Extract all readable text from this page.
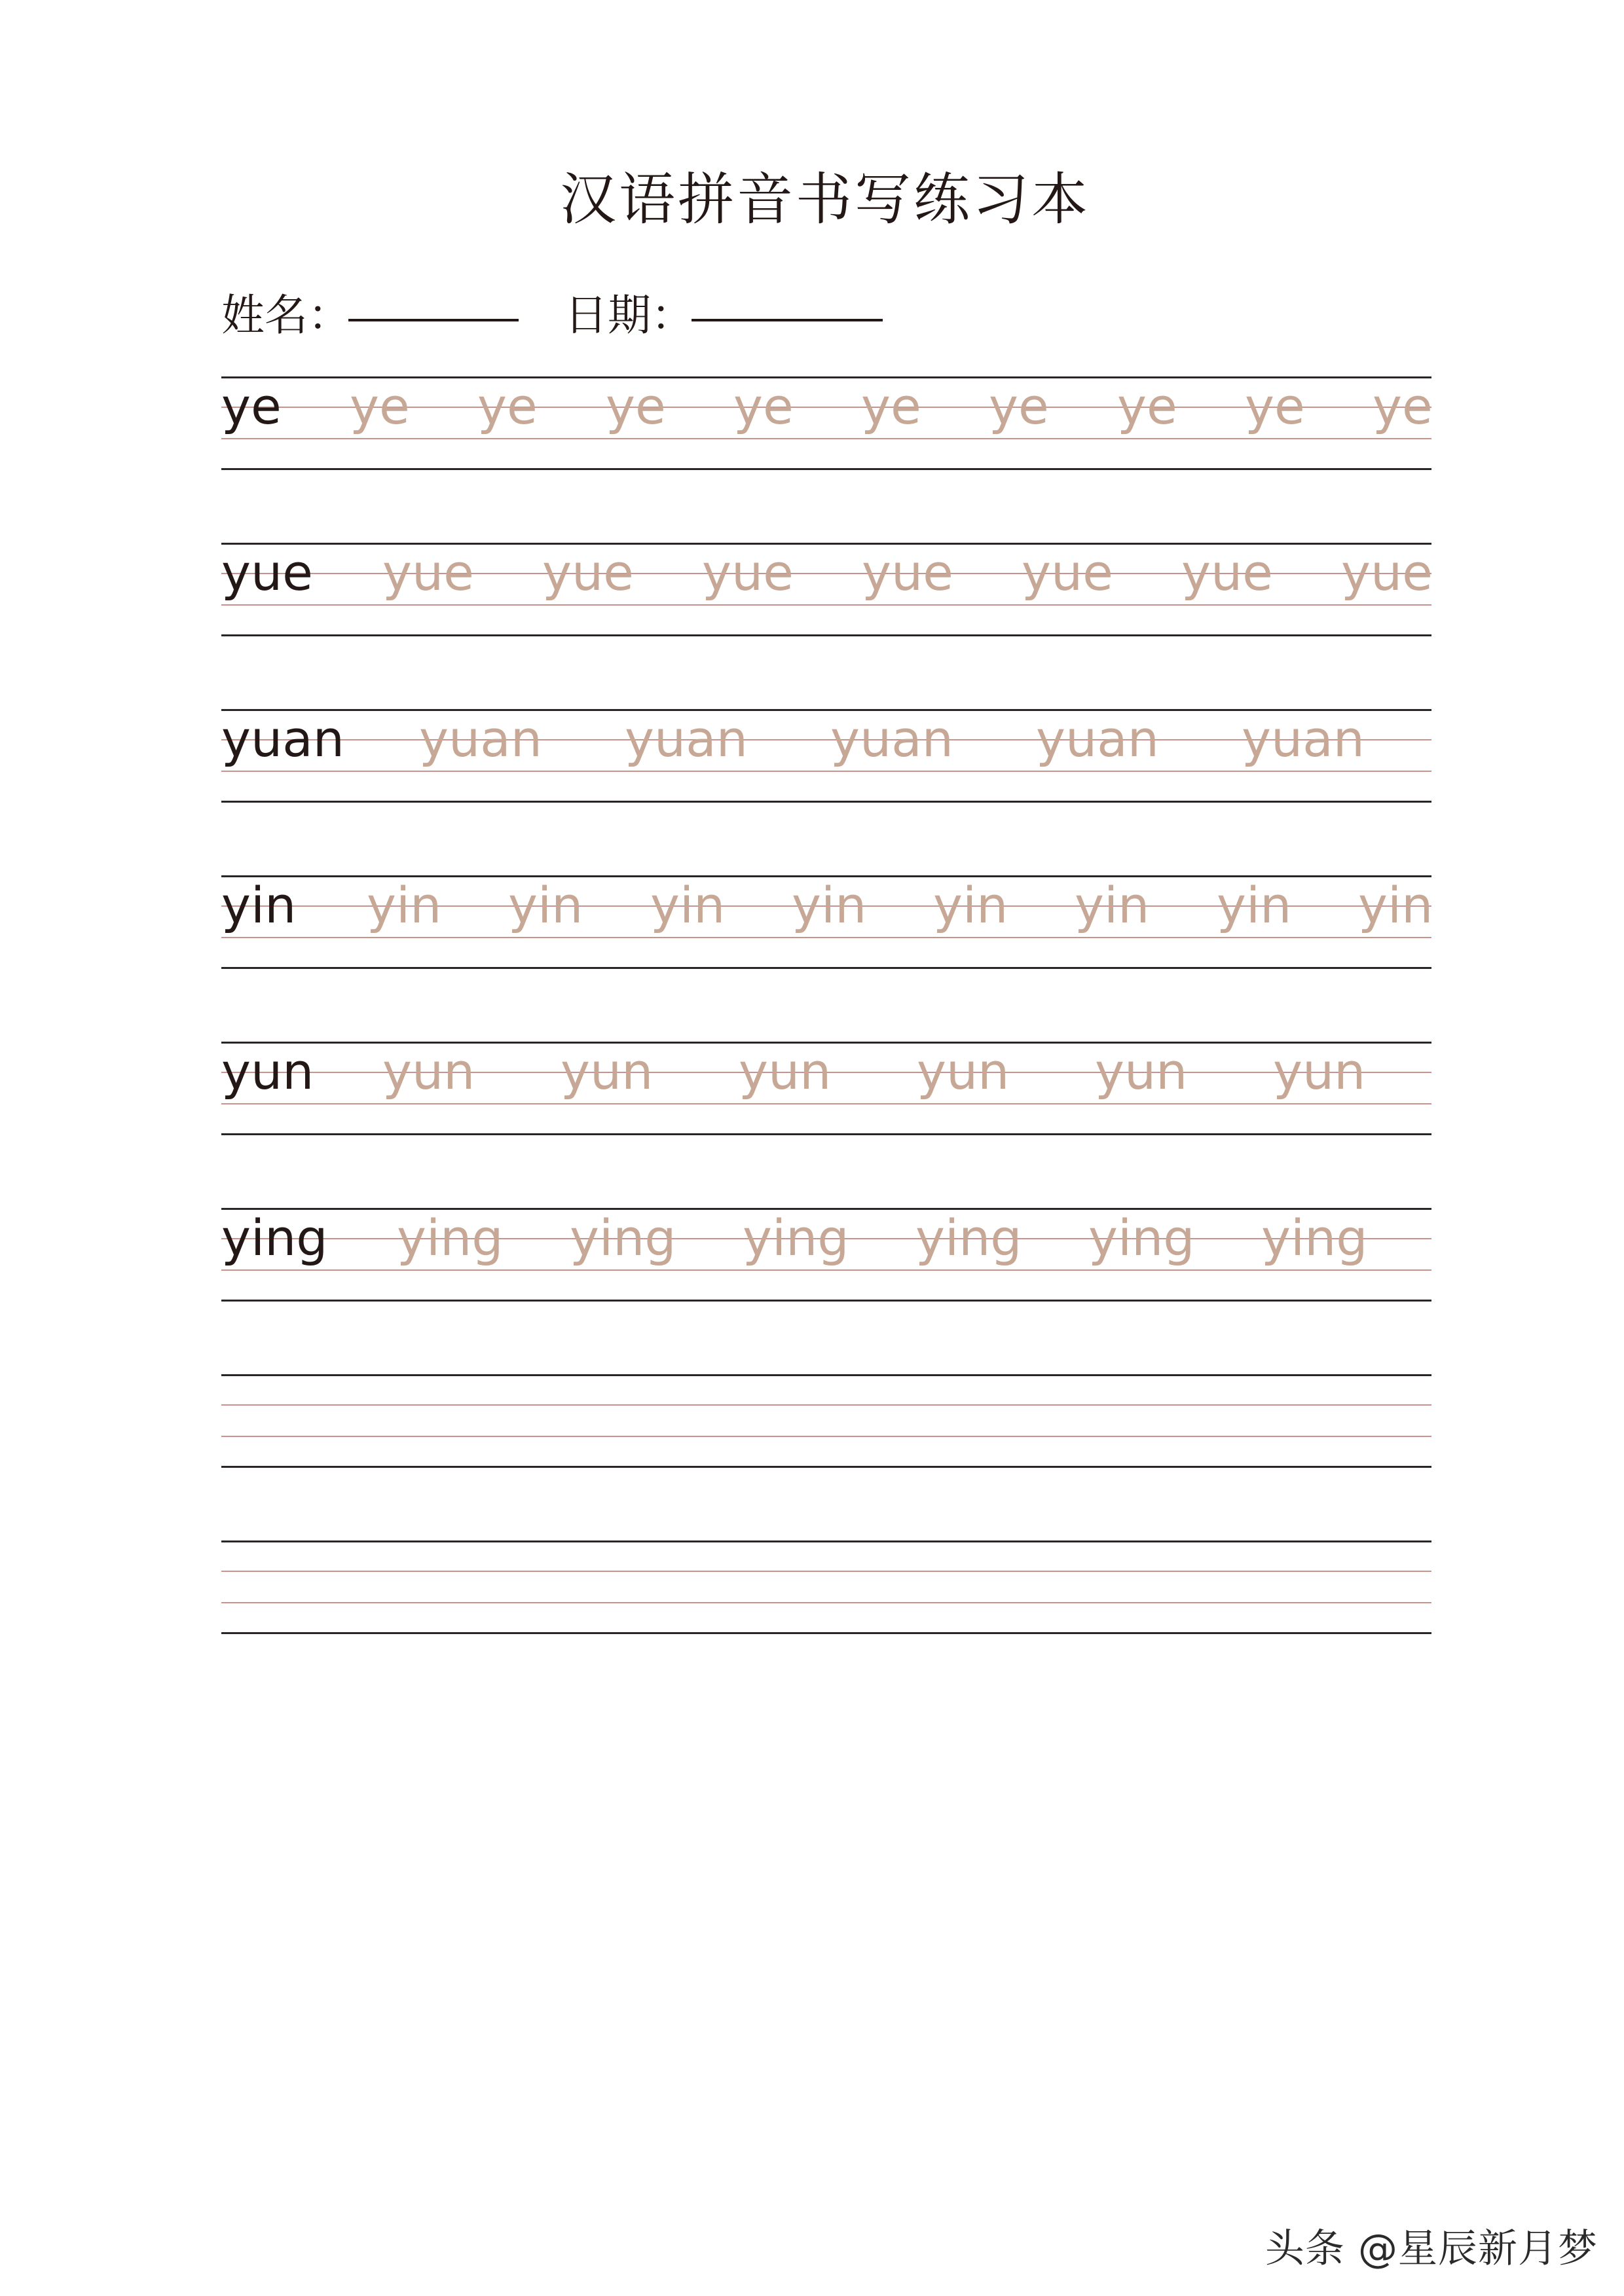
汉语拼音书写练习本
姓名：	日期：
ye ye ye ye ye ye ye ye ye ye
yue yue yue yue yue yue yue yue
yuan yuan yuan yuan yuan yuan
yin yin yin yin yin yin yin yin yin
yun yun yun yun yun yun yun
ying ying ying ying ying ying ying
头条 @星辰新月梦
